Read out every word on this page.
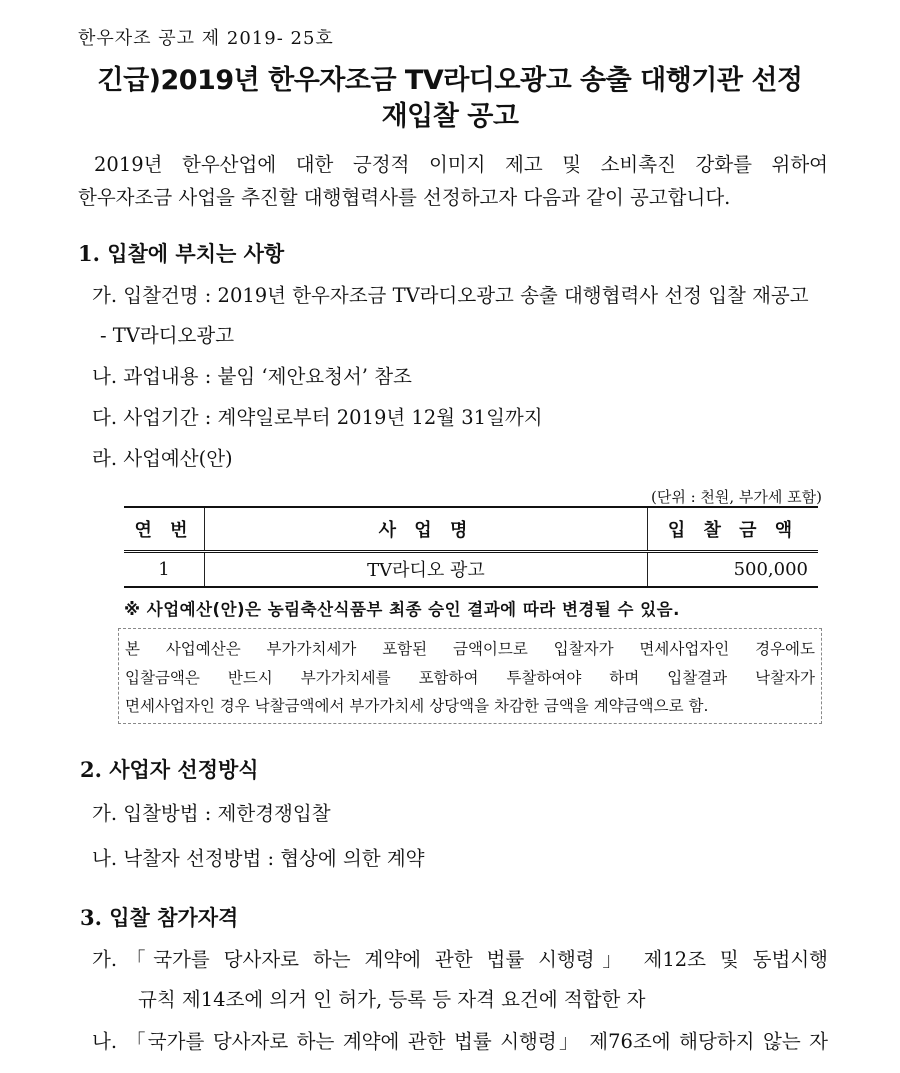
한우자조 공고 제 2019- 25호
긴급)2019년 한우자조금 TV라디오광고 송출 대행기관 선정
재입찰 공고

2019년 한우산업에 대한 긍정적 이미지 제고 및 소비촉진 강화를 위하여

한우자조금 사업을 추진할 대행협력사를 선정하고자 다음과 같이 공고합니다.

1. 입찰에 부치는 사항
가. 입찰건명 : 2019년 한우자조금 TV라디오광고 송출 대행협력사 선정 입찰 재공고
- TV라디오광고
나. 과업내용 : 붙임 ‘제안요청서’ 참조
다. 사업기간 : 계약일로부터 2019년 12월 31일까지
라. 사업예산(안)
(단위 : 천원, 부가세 포함)
연 번	사 업 명	입 찰 금 액
1	TV라디오 광고	500,000
※ 사업예산(안)은 농림축산식품부 최종 승인 결과에 따라 변경될 수 있음.

본 사업예산은 부가가치세가 포함된 금액이므로 입찰자가 면세사업자인 경우에도

입찰금액은 반드시 부가가치세를 포함하여 투찰하여야 하며 입찰결과 낙찰자가

면세사업자인 경우 낙찰금액에서 부가가치세 상당액을 차감한 금액을 계약금액으로 함.

2. 사업자 선정방식
가. 입찰방법 : 제한경쟁입찰
나. 낙찰자 선정방법 : 협상에 의한 계약
3. 입찰 참가자격
가. 「국가를 당사자로 하는 계약에 관한 법률 시행령」 제12조 및 동법시행
규칙 제14조에 의거 인 허가, 등록 등 자격 요건에 적합한 자
나. 「국가를 당사자로 하는 계약에 관한 법률 시행령」 제76조에 해당하지 않는 자
